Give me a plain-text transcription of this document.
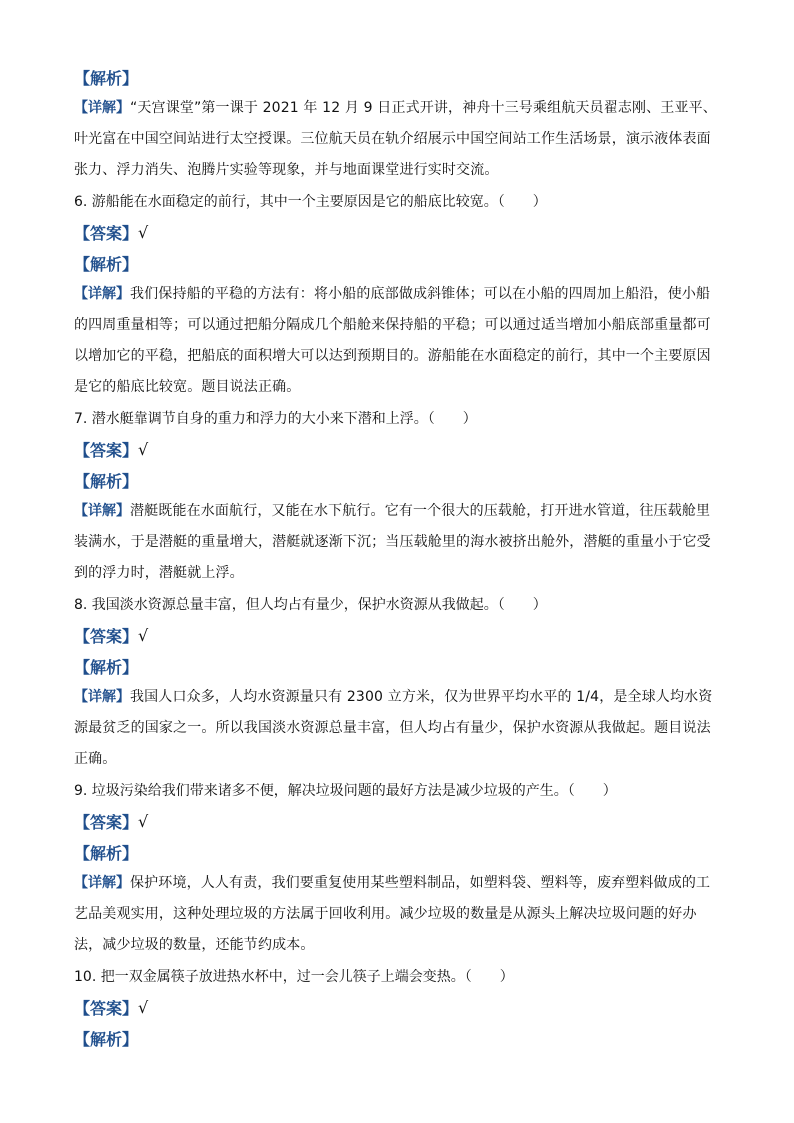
【解析】

【详解】“天宫课堂”第一课于 2021 年 12 月 9 日正式开讲，神舟十三号乘组航天员翟志刚、王亚平、叶光富在中国空间站进行太空授课。三位航天员在轨介绍展示中国空间站工作生活场景，演示液体表面张力、浮力消失、泡腾片实验等现象，并与地面课堂进行实时交流。

6. 游船能在水面稳定的前行，其中一个主要原因是它的船底比较宽。（　　）
【答案】 √
【解析】

【详解】我们保持船的平稳的方法有：将小船的底部做成斜锥体；可以在小船的四周加上船沿，使小船的四周重量相等；可以通过把船分隔成几个船舱来保持船的平稳；可以通过适当增加小船底部重量都可以增加它的平稳，把船底的面积增大可以达到预期目的。游船能在水面稳定的前行，其中一个主要原因是它的船底比较宽。题目说法正确。

7. 潜水艇靠调节自身的重力和浮力的大小来下潜和上浮。（　　）
【答案】 √
【解析】

【详解】潜艇既能在水面航行，又能在水下航行。它有一个很大的压载舱，打开进水管道，往压载舱里装满水，于是潜艇的重量增大，潜艇就逐渐下沉；当压载舱里的海水被挤出舱外，潜艇的重量小于它受到的浮力时，潜艇就上浮。

8. 我国淡水资源总量丰富，但人均占有量少，保护水资源从我做起。（　　）
【答案】 √
【解析】

【详解】我国人口众多，人均水资源量只有 2300 立方米，仅为世界平均水平的 1/4，是全球人均水资源最贫乏的国家之一。所以我国淡水资源总量丰富，但人均占有量少，保护水资源从我做起。题目说法正确。

9. 垃圾污染给我们带来诸多不便，解决垃圾问题的最好方法是减少垃圾的产生。（　　）
【答案】 √
【解析】

【详解】保护环境，人人有责，我们要重复使用某些塑料制品，如塑料袋、塑料等，废弃塑料做成的工艺品美观实用，这种处理垃圾的方法属于回收利用。减少垃圾的数量是从源头上解决垃圾问题的好办法，减少垃圾的数量，还能节约成本。

10. 把一双金属筷子放进热水杯中，过一会儿筷子上端会变热。（　　）
【答案】 √
【解析】
